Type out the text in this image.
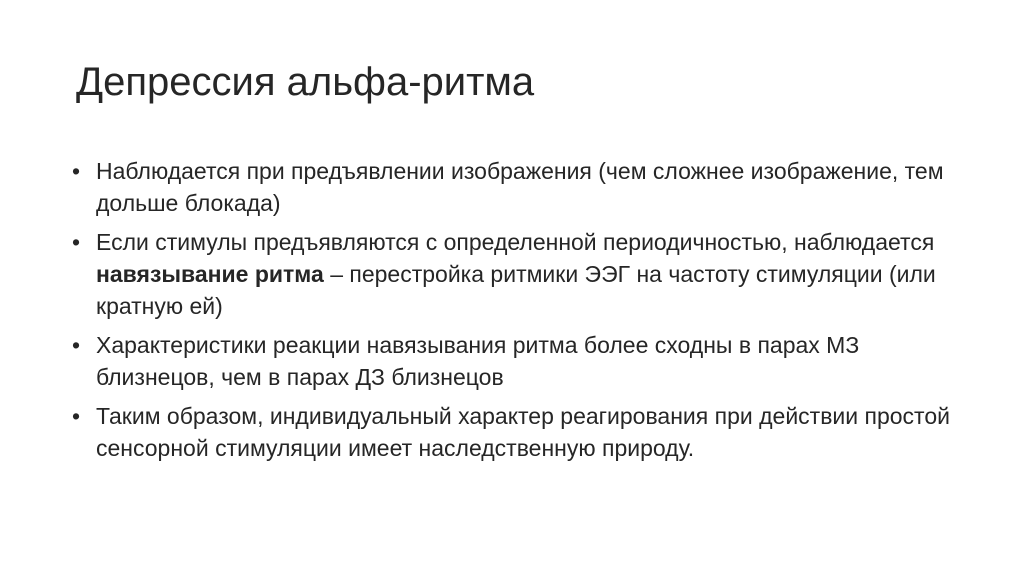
Депрессия альфа-ритма
• Наблюдается при предъявлении изображения (чем сложнее изображение, тем дольше блокада)
• Если стимулы предъявляются с определенной периодичностью, наблюдается навязывание ритма – перестройка ритмики ЭЭГ на частоту стимуляции (или кратную ей)
• Характеристики реакции навязывания ритма более сходны в парах МЗ близнецов, чем в парах ДЗ близнецов
• Таким образом, индивидуальный характер реагирования при действии простой сенсорной стимуляции имеет наследственную природу.
